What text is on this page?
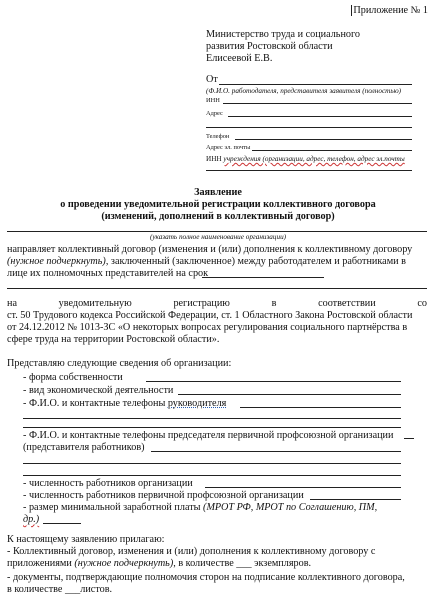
Приложение № 1
Министерство труда и социального
развития Ростовской области
Елисеевой Е.В.
От
(Ф.И.О. работодателя, представителя заявителя (полностью)
ИНН
Адрес
Телефон
Адрес эл. почты
ИНН учреждения (организации, адрес, телефон, адрес эл.почты
Заявление
о проведении уведомительной регистрации коллективного договора
(изменений, дополнений в коллективный договор)
(указать полное наименование организации)
направляет коллективный договор (изменения и (или) дополнения к коллективному договору
(нужное подчеркнуть), заключенный (заключенное) между работодателем и работниками в
лице их полномочных представителей на срок
на	уведомительную	регистрацию	в	соответствии	со
ст. 50 Трудового кодекса Российской Федерации, ст. 1 Областного Закона Ростовской области
от 24.12.2012 № 1013-ЗС «О некоторых вопросах регулирования социального партнёрства в
сфере труда на территории Ростовской области».
Представляю следующие сведения об организации:
- форма собственности
- вид экономической деятельности
- Ф.И.О. и контактные телефоны руководителя
- Ф.И.О. и контактные телефоны председателя первичной профсоюзной организации
(представителя работников)
- численность работников организации
- численность работников первичной профсоюзной организации
- размер минимальной заработной платы (МРОТ РФ, МРОТ по Соглашению, ПМ,
др.)
К настоящему заявлению прилагаю:
- Коллективный договор, изменения и (или) дополнения к коллективному договору с
приложениями (нужное подчеркнуть), в количестве ___ экземпляров.
- документы, подтверждающие полномочия сторон на подписание коллективного договора,
в количестве ___листов.
